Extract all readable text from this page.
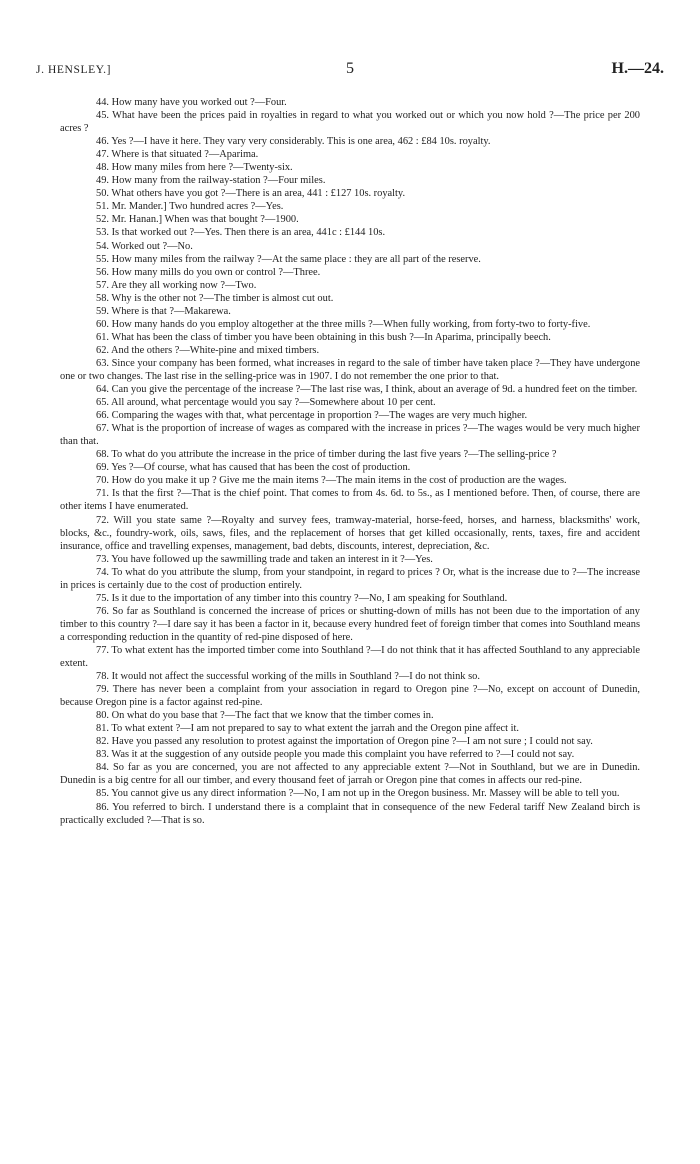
J. HENSLEY.]	5	H.—24.

44. How many have you worked out ?—Four.

45. What have been the prices paid in royalties in regard to what you worked out or which you now hold ?—The price per 200 acres ?

46. Yes ?—I have it here. They vary very considerably. This is one area, 462 : £84 10s. royalty.

47. Where is that situated ?—Aparima.

48. How many miles from here ?—Twenty-six.

49. How many from the railway-station ?—Four miles.

50. What others have you got ?—There is an area, 441 : £127 10s. royalty.

51. Mr. Mander.] Two hundred acres ?—Yes.

52. Mr. Hanan.] When was that bought ?—1900.

53. Is that worked out ?—Yes. Then there is an area, 441c : £144 10s.

54. Worked out ?—No.

55. How many miles from the railway ?—At the same place : they are all part of the reserve.

56. How many mills do you own or control ?—Three.

57. Are they all working now ?—Two.

58. Why is the other not ?—The timber is almost cut out.

59. Where is that ?—Makarewa.

60. How many hands do you employ altogether at the three mills ?—When fully working, from forty-two to forty-five.

61. What has been the class of timber you have been obtaining in this bush ?—In Aparima, principally beech.

62. And the others ?—White-pine and mixed timbers.

63. Since your company has been formed, what increases in regard to the sale of timber have taken place ?—They have undergone one or two changes. The last rise in the selling-price was in 1907. I do not remember the one prior to that.

64. Can you give the percentage of the increase ?—The last rise was, I think, about an average of 9d. a hundred feet on the timber.

65. All around, what percentage would you say ?—Somewhere about 10 per cent.

66. Comparing the wages with that, what percentage in proportion ?—The wages are very much higher.

67. What is the proportion of increase of wages as compared with the increase in prices ?—The wages would be very much higher than that.

68. To what do you attribute the increase in the price of timber during the last five years ?—The selling-price ?

69. Yes ?—Of course, what has caused that has been the cost of production.

70. How do you make it up ? Give me the main items ?—The main items in the cost of production are the wages.

71. Is that the first ?—That is the chief point. That comes to from 4s. 6d. to 5s., as I mentioned before. Then, of course, there are other items I have enumerated.

72. Will you state same ?—Royalty and survey fees, tramway-material, horse-feed, horses, and harness, blacksmiths' work, blocks, &c., foundry-work, oils, saws, files, and the replacement of horses that get killed occasionally, rents, taxes, fire and accident insurance, office and travelling expenses, management, bad debts, discounts, interest, depreciation, &c.

73. You have followed up the sawmilling trade and taken an interest in it ?—Yes.

74. To what do you attribute the slump, from your standpoint, in regard to prices ? Or, what is the increase due to ?—The increase in prices is certainly due to the cost of production entirely.

75. Is it due to the importation of any timber into this country ?—No, I am speaking for Southland.

76. So far as Southland is concerned the increase of prices or shutting-down of mills has not been due to the importation of any timber to this country ?—I dare say it has been a factor in it, because every hundred feet of foreign timber that comes into Southland means a corresponding reduction in the quantity of red-pine disposed of here.

77. To what extent has the imported timber come into Southland ?—I do not think that it has affected Southland to any appreciable extent.

78. It would not affect the successful working of the mills in Southland ?—I do not think so.

79. There has never been a complaint from your association in regard to Oregon pine ?—No, except on account of Dunedin, because Oregon pine is a factor against red-pine.

80. On what do you base that ?—The fact that we know that the timber comes in.

81. To what extent ?—I am not prepared to say to what extent the jarrah and the Oregon pine affect it.

82. Have you passed any resolution to protest against the importation of Oregon pine ?—I am not sure ; I could not say.

83. Was it at the suggestion of any outside people you made this complaint you have referred to ?—I could not say.

84. So far as you are concerned, you are not affected to any appreciable extent ?—Not in Southland, but we are in Dunedin. Dunedin is a big centre for all our timber, and every thousand feet of jarrah or Oregon pine that comes in affects our red-pine.

85. You cannot give us any direct information ?—No, I am not up in the Oregon business. Mr. Massey will be able to tell you.

86. You referred to birch. I understand there is a complaint that in consequence of the new Federal tariff New Zealand birch is practically excluded ?—That is so.
